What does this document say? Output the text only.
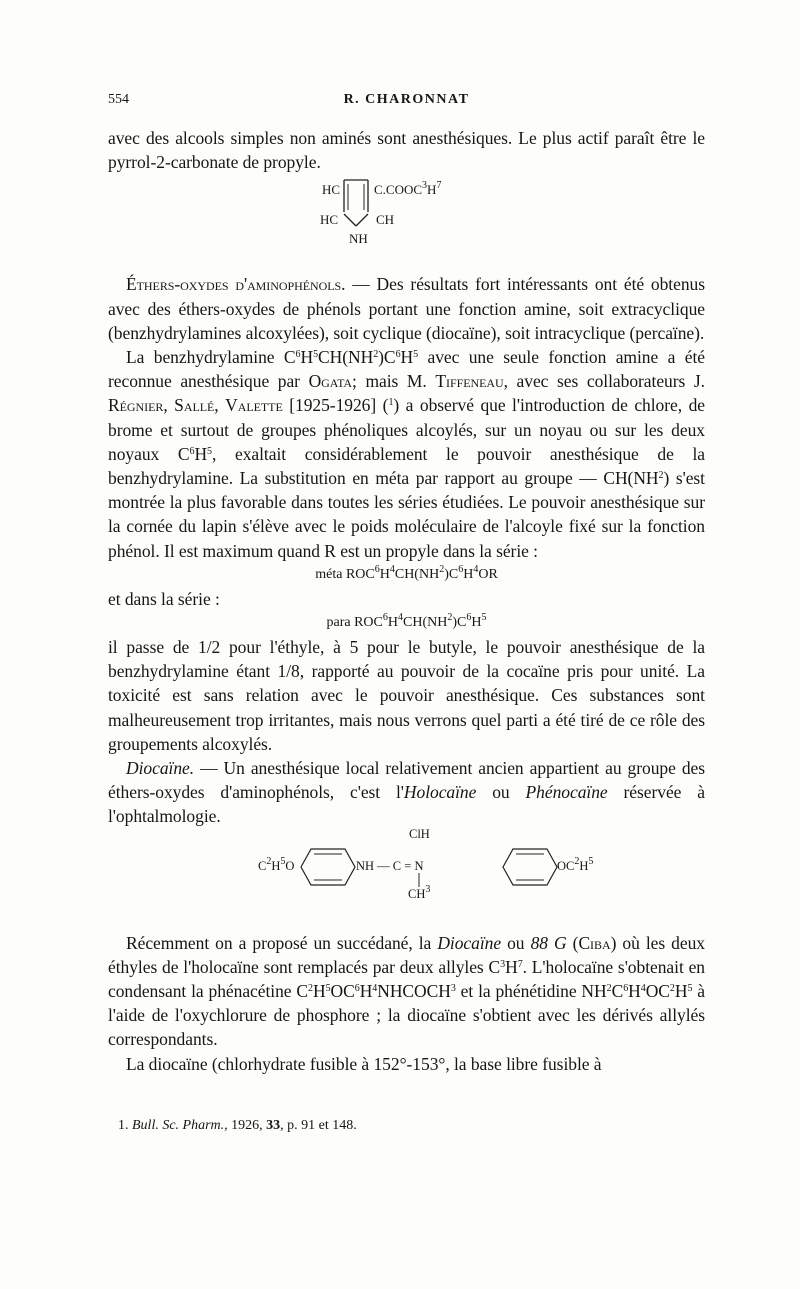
554	R. CHARONNAT

avec des alcools simples non aminés sont anesthésiques. Le plus actif paraît être le pyrrol-2-carbonate de propyle.

HC	$C.COOC^3H^7$
HC	CH
NH

Éthers-oxydes d'aminophénols. — Des résultats fort intéressants ont été obtenus avec des éthers-oxydes de phénols portant une fonction amine, soit extracyclique (benzhydrylamines alcoxylées), soit cyclique (diocaïne), soit intracyclique (percaïne).

La benzhydrylamine $C^6H^5CH(NH^2)C^6H^5$ avec une seule fonction amine a été reconnue anesthésique par Ogata; mais M. Tiffeneau, avec ses collaborateurs J. Régnier, Sallé, Valette [1925-1926] ($^1$) a observé que l'introduction de chlore, de brome et surtout de groupes phénoliques alcoylés, sur un noyau ou sur les deux noyaux $C^6H^5$, exaltait considérablement le pouvoir anesthésique de la benzhydrylamine. La substitution en méta par rapport au groupe — $CH(NH^2)$ s'est montrée la plus favorable dans toutes les séries étudiées. Le pouvoir anesthésique sur la cornée du lapin s'élève avec le poids moléculaire de l'alcoyle fixé sur la fonction phénol. Il est maximum quand R est un propyle dans la série :

méta $ROC^6H^4CH(NH^2)C^6H^4OR$

et dans la série :

para $ROC^6H^4CH(NH^2)C^6H^5$

il passe de 1/2 pour l'éthyle, à 5 pour le butyle, le pouvoir anesthésique de la benzhydrylamine étant 1/8, rapporté au pouvoir de la cocaïne pris pour unité. La toxicité est sans relation avec le pouvoir anesthésique. Ces substances sont malheureusement trop irritantes, mais nous verrons quel parti a été tiré de ce rôle des groupements alcoxylés.

Diocaïne. — Un anesthésique local relativement ancien appartient au groupe des éthers-oxydes d'aminophénols, c'est l'Holocaïne ou Phénocaïne réservée à l'ophtalmologie.

ClH
$C^2H^5O$	NH — C = N	$OC^2H^5$
$CH^3$

Récemment on a proposé un succédané, la Diocaïne ou 88 G (Ciba) où les deux éthyles de l'holocaïne sont remplacés par deux allyles $C^3H^7$. L'holocaïne s'obtenait en condensant la phénacétine $C^2H^5OC^6H^4NHCOCH^3$ et la phénétidine $NH^2C^6H^4OC^2H^5$ à l'aide de l'oxychlorure de phosphore ; la diocaïne s'obtient avec les dérivés allylés correspondants.

La diocaïne (chlorhydrate fusible à 152°-153°, la base libre fusible à

1. Bull. Sc. Pharm., 1926, 33, p. 91 et 148.
